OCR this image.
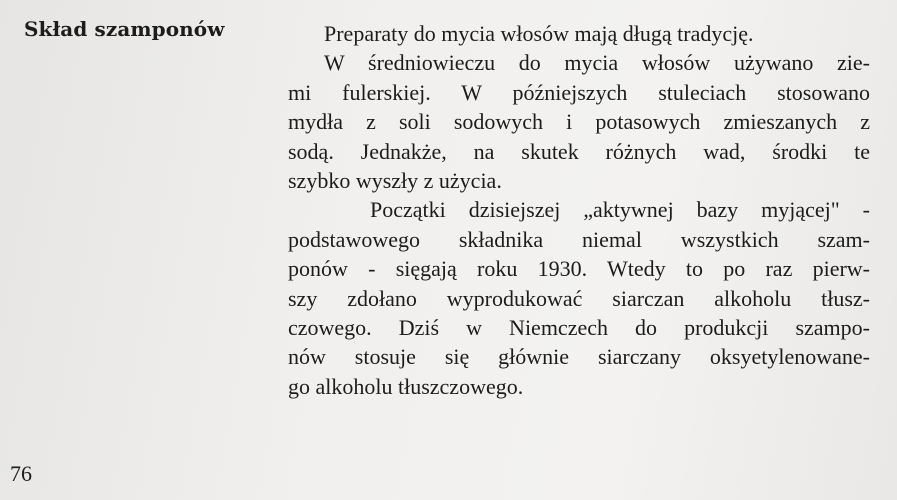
Skład szamponów	Preparaty do mycia włosów mają długą tradycję.
W średniowieczu do mycia włosów używano zie-
mi fulerskiej. W późniejszych stuleciach stosowano
mydła z soli sodowych i potasowych zmieszanych z
sodą. Jednakże, na skutek różnych wad, środki te
szybko wyszły z użycia.
Początki dzisiejszej „aktywnej bazy myjącej" -
podstawowego składnika niemal wszystkich szam-
ponów - sięgają roku 1930. Wtedy to po raz pierw-
szy zdołano wyprodukować siarczan alkoholu tłusz-
czowego. Dziś w Niemczech do produkcji szampo-
nów stosuje się głównie siarczany oksyetylenowane-
go alkoholu tłuszczowego.

76
